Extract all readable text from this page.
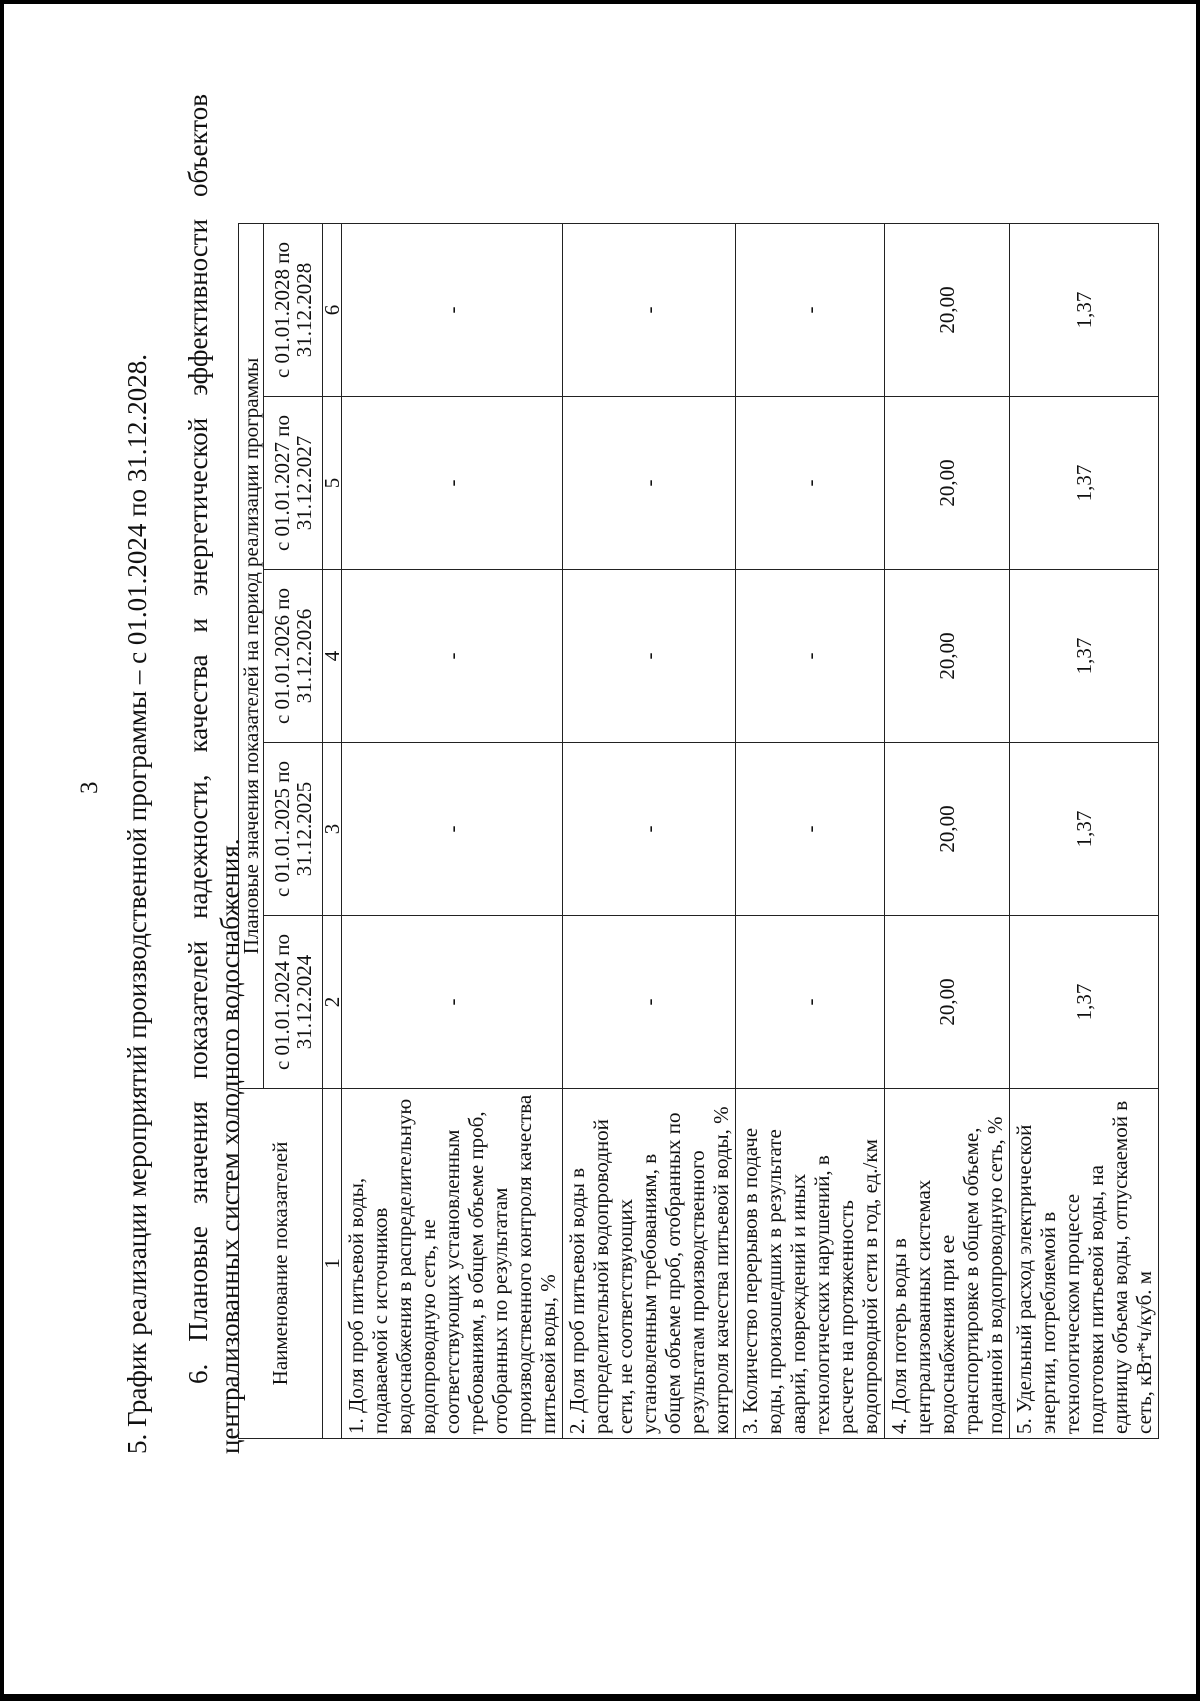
3 5. График реализации мероприятий производственной программы – с 01.01.2024 по 31.12.2028. 6. Плановые значения показателей надежности, качества и энергетической эффективности объектов централизованных систем холодного водоснабжения. Наименование показателей	Плановые значения показателей на период реализации программы				
	с 01.01.2024 по 31.12.2024	с 01.01.2025 по 31.12.2025	с 01.01.2026 по 31.12.2026	с 01.01.2027 по 31.12.2027	с 01.01.2028 по 31.12.2028
1	2	3	4	5	6
1. Доля проб питьевой воды, подаваемой с источников водоснабжения в распределительную водопроводную сеть, не соответствующих установленным требованиям, в общем объеме проб, отобранных по результатам производственного контроля качества питьевой воды, %	-	-	-	-	-
2. Доля проб питьевой воды в распределительной водопроводной сети, не соответствующих установленным требованиям, в общем объеме проб, отобранных по результатам производственного контроля качества питьевой воды, %	-	-	-	-	-
3. Количество перерывов в подаче воды, произошедших в результате аварий, повреждений и иных технологических нарушений, в расчете на протяженность водопроводной сети в год, ед./км	-	-	-	-	-
4. Доля потерь воды в централизованных системах водоснабжения при ее транспортировке в общем объеме, поданной в водопроводную сеть, %	20,00	20,00	20,00	20,00	20,00
5. Удельный расход электрической энергии, потребляемой в технологическом процессе подготовки питьевой воды, на единицу объема воды, отпускаемой в сеть, кВт*ч/куб. м	1,37	1,37	1,37	1,37	1,37
